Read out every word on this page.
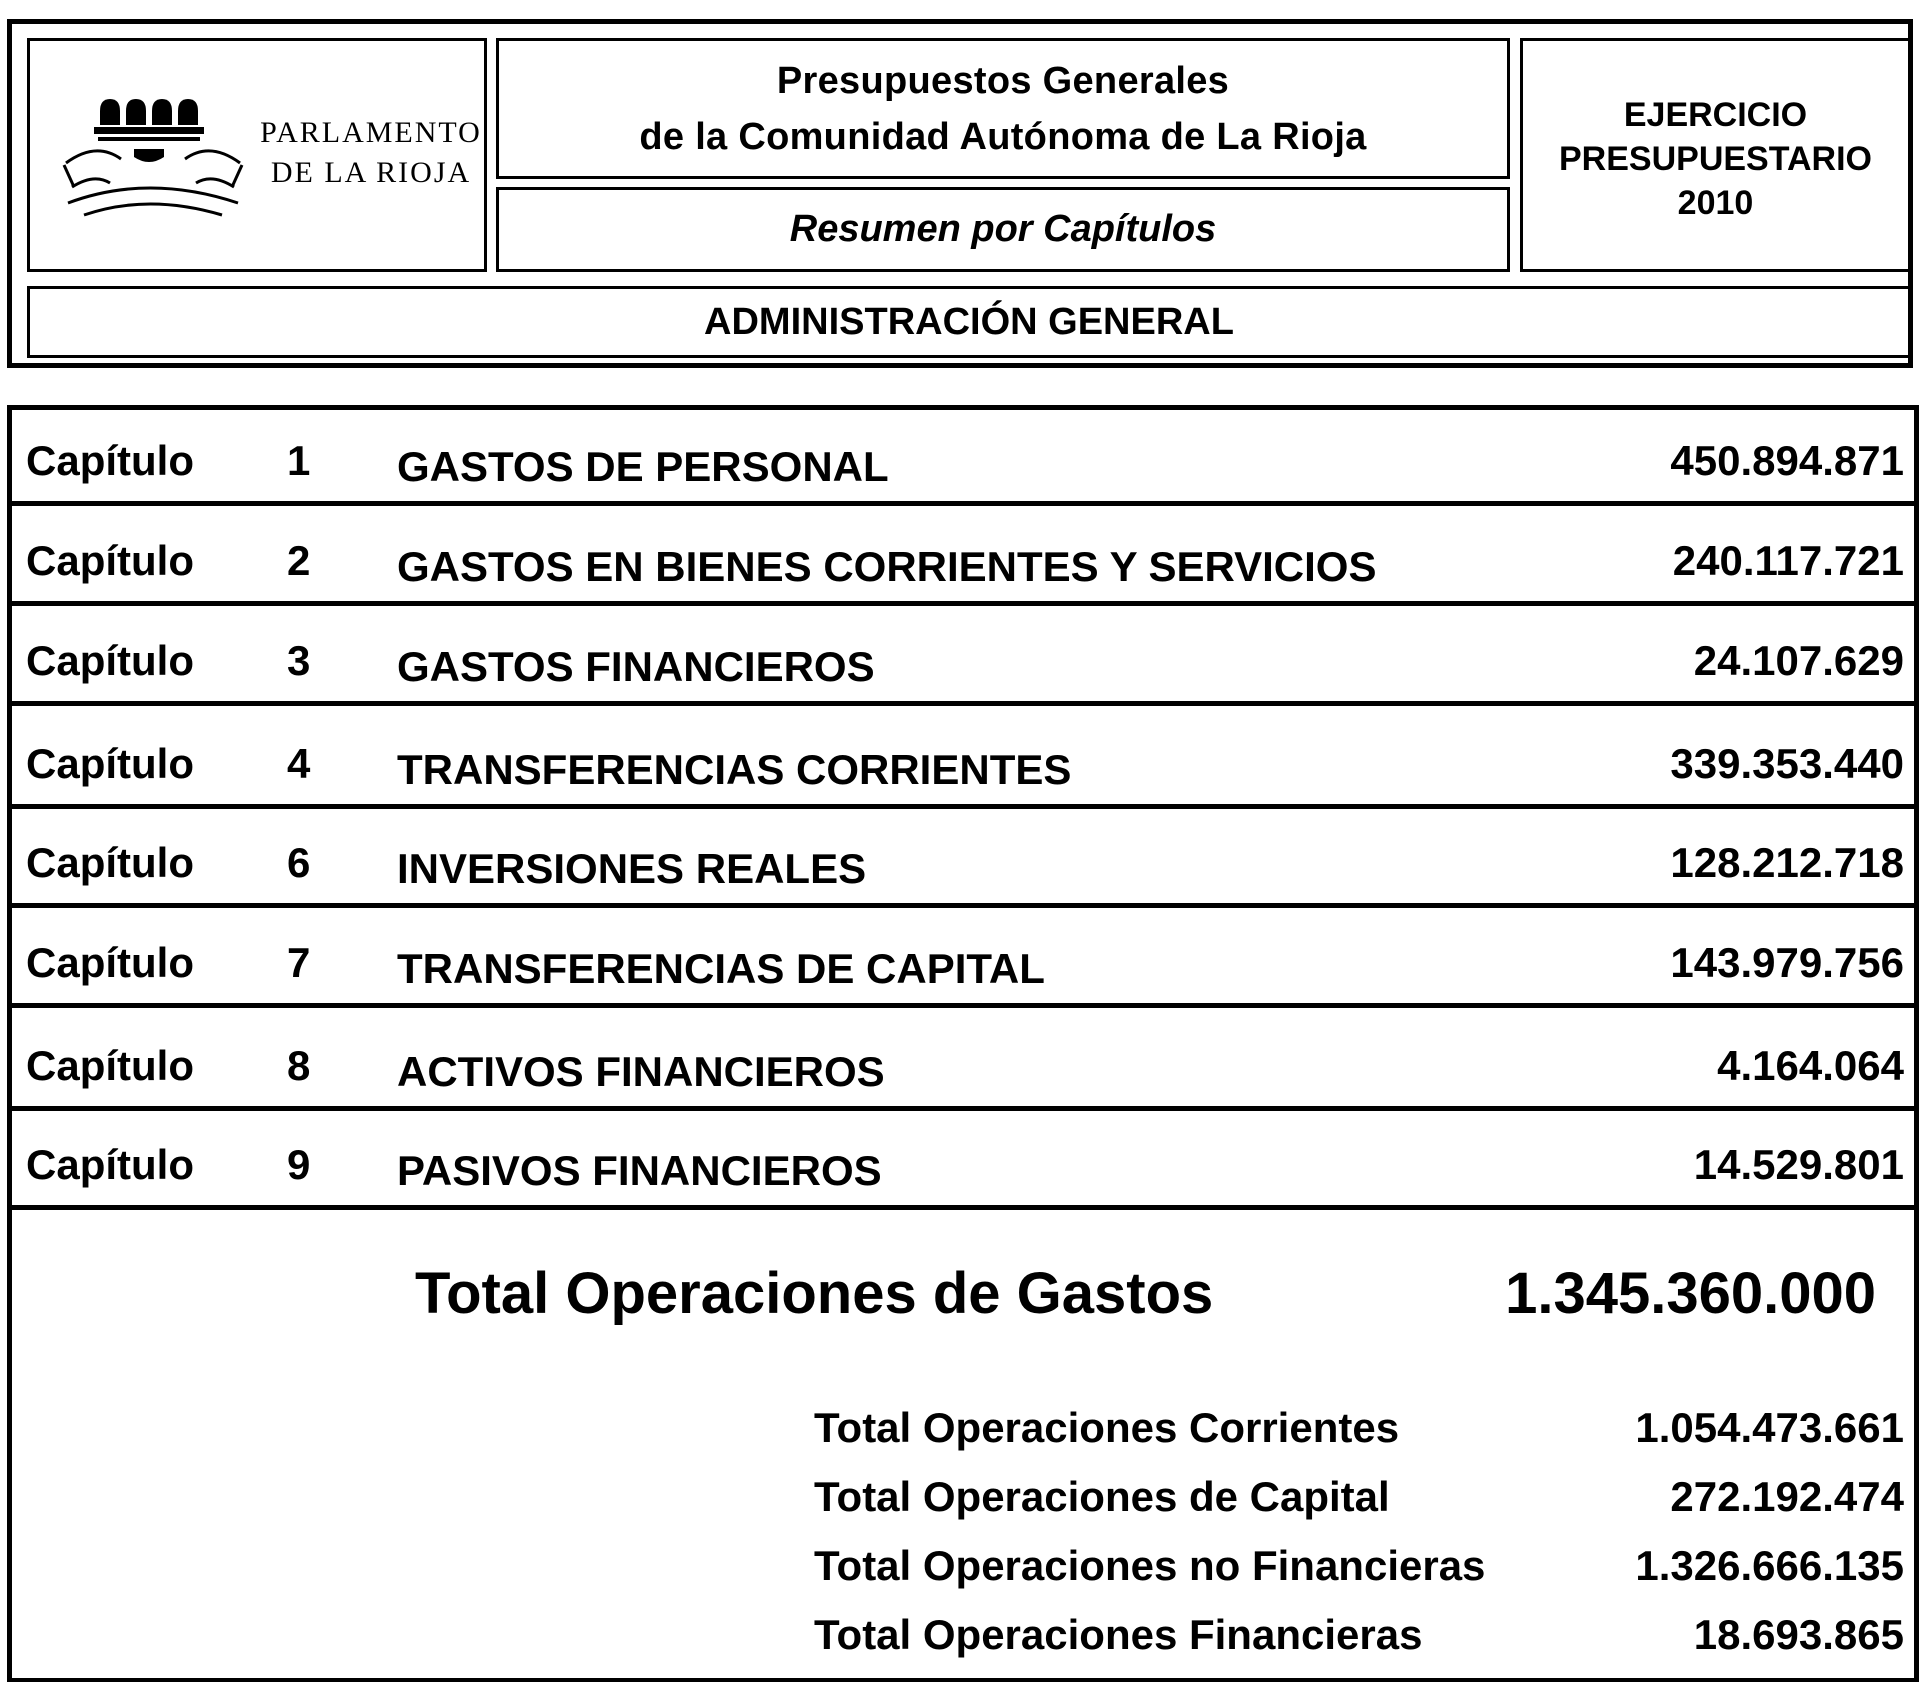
PARLAMENTO
DE LA RIOJA
Presupuestos Generales
de la Comunidad Autónoma de La Rioja
Resumen por Capítulos
EJERCICIO
PRESUPUESTARIO
2010
ADMINISTRACIÓN GENERAL
Capítulo 1 GASTOS DE PERSONAL	450.894.871
Capítulo 2 GASTOS EN BIENES CORRIENTES Y SERVICIOS	240.117.721
Capítulo 3 GASTOS FINANCIEROS	24.107.629
Capítulo 4 TRANSFERENCIAS CORRIENTES	339.353.440
Capítulo 6 INVERSIONES REALES	128.212.718
Capítulo 7 TRANSFERENCIAS DE CAPITAL	143.979.756
Capítulo 8 ACTIVOS FINANCIEROS	4.164.064
Capítulo 9 PASIVOS FINANCIEROS	14.529.801
Total Operaciones de Gastos	1.345.360.000
Total Operaciones Corrientes	1.054.473.661
Total Operaciones de Capital	272.192.474
Total Operaciones no Financieras	1.326.666.135
Total Operaciones Financieras	18.693.865
